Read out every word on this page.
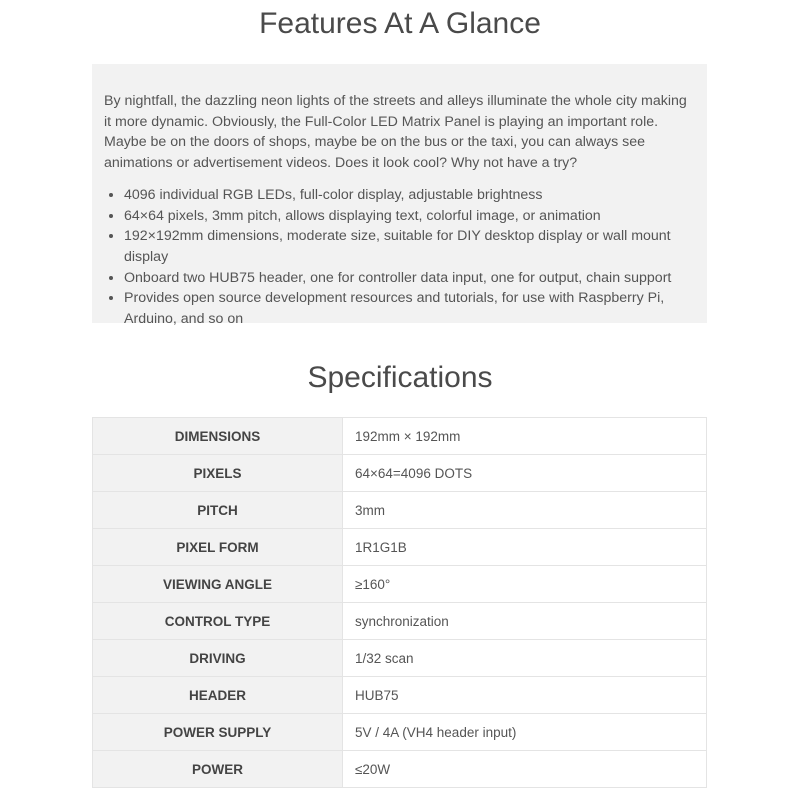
Features At A Glance

By nightfall, the dazzling neon lights of the streets and alleys illuminate the whole city making it more dynamic. Obviously, the Full-Color LED Matrix Panel is playing an important role. Maybe be on the doors of shops, maybe be on the bus or the taxi, you can always see animations or advertisement videos. Does it look cool? Why not have a try?

• 4096 individual RGB LEDs, full-color display, adjustable brightness
• 64×64 pixels, 3mm pitch, allows displaying text, colorful image, or animation
• 192×192mm dimensions, moderate size, suitable for DIY desktop display or wall mount display
• Onboard two HUB75 header, one for controller data input, one for output, chain support
• Provides open source development resources and tutorials, for use with Raspberry Pi, Arduino, and so on
Specifications
DIMENSIONS	192mm × 192mm
PIXELS	64×64=4096 DOTS
PITCH	3mm
PIXEL FORM	1R1G1B
VIEWING ANGLE	≥160°
CONTROL TYPE	synchronization
DRIVING	1/32 scan
HEADER	HUB75
POWER SUPPLY	5V / 4A (VH4 header input)
POWER	≤20W
